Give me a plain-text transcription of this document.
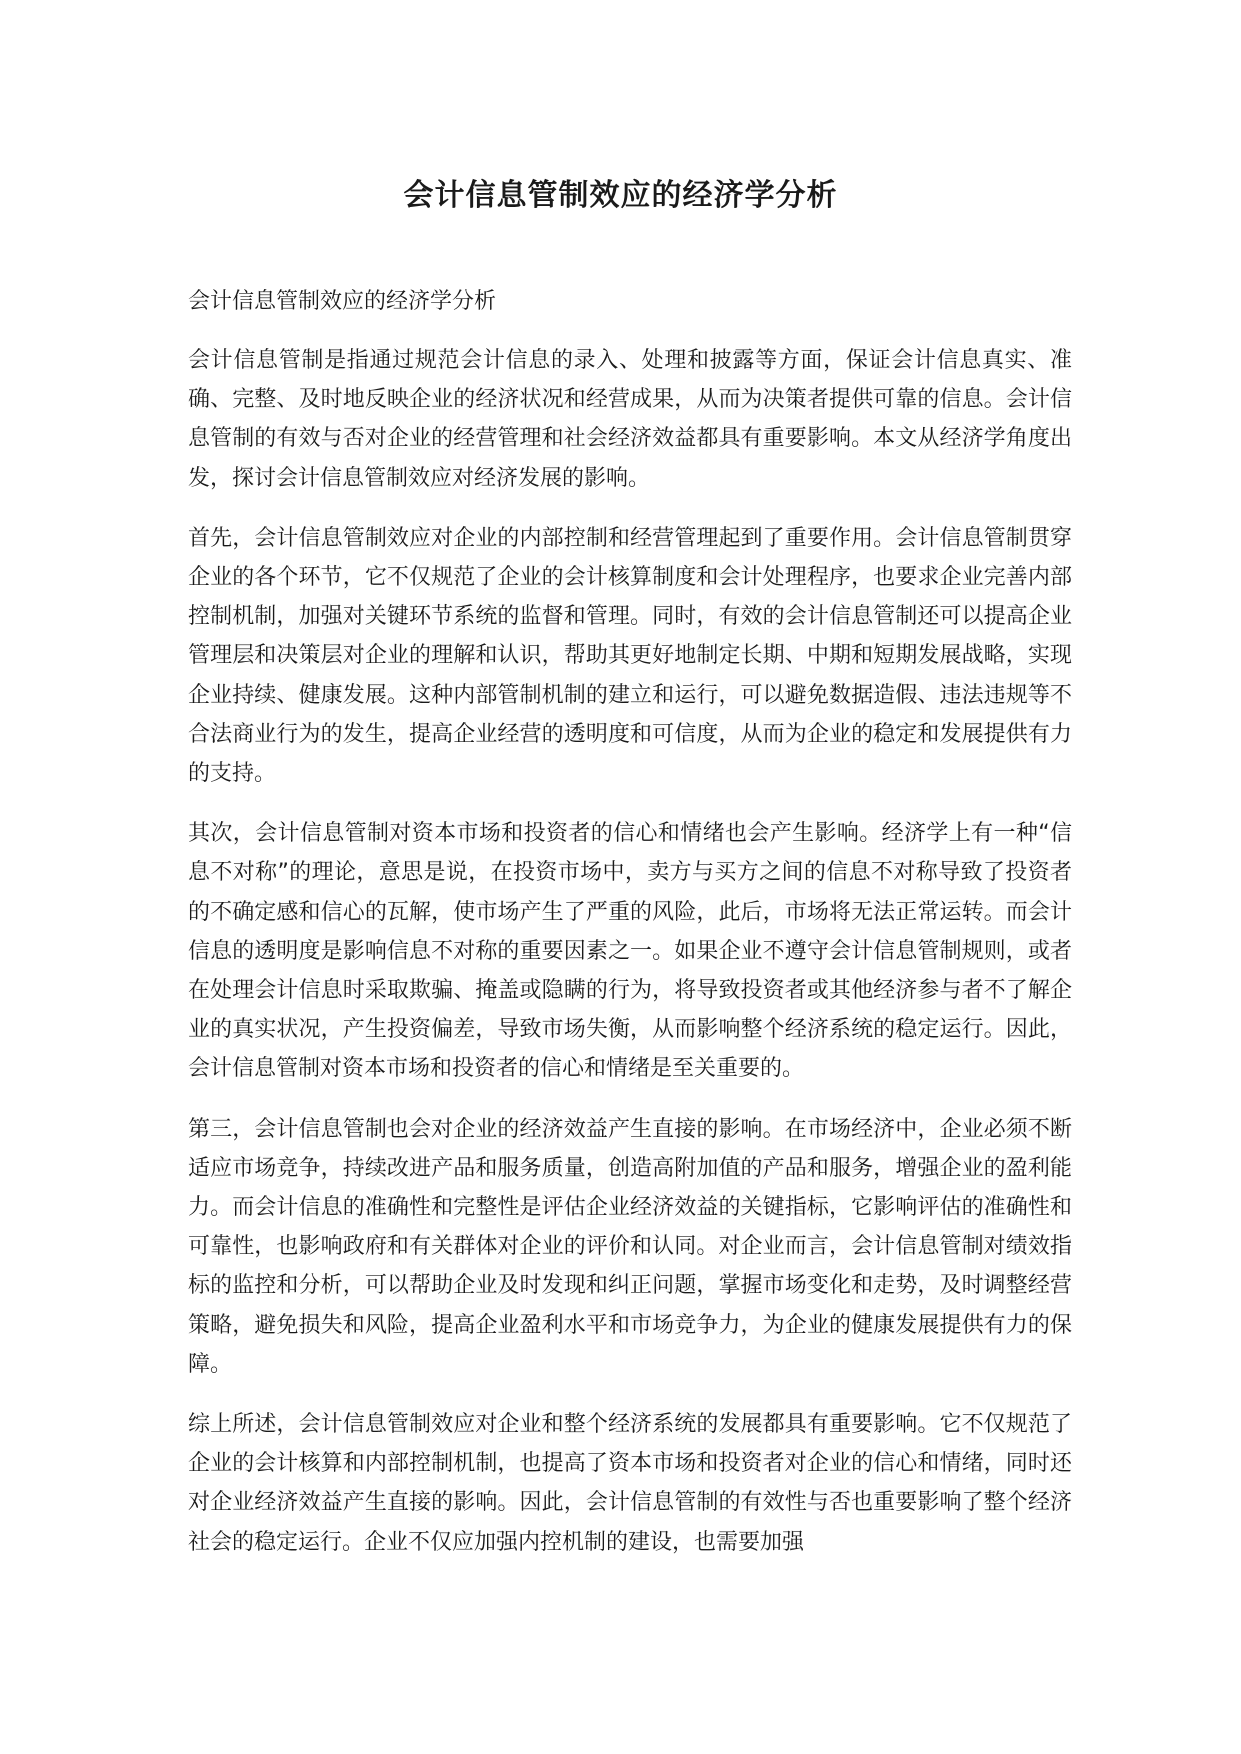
会计信息管制效应的经济学分析

会计信息管制效应的经济学分析

会计信息管制是指通过规范会计信息的录入、处理和披露等方面，保证会计信息真实、准确、完整、及时地反映企业的经济状况和经营成果，从而为决策者提供可靠的信息。会计信息管制的有效与否对企业的经营管理和社会经济效益都具有重要影响。本文从经济学角度出发，探讨会计信息管制效应对经济发展的影响。

首先，会计信息管制效应对企业的内部控制和经营管理起到了重要作用。会计信息管制贯穿企业的各个环节，它不仅规范了企业的会计核算制度和会计处理程序，也要求企业完善内部控制机制，加强对关键环节系统的监督和管理。同时，有效的会计信息管制还可以提高企业管理层和决策层对企业的理解和认识，帮助其更好地制定长期、中期和短期发展战略，实现企业持续、健康发展。这种内部管制机制的建立和运行，可以避免数据造假、违法违规等不合法商业行为的发生，提高企业经营的透明度和可信度，从而为企业的稳定和发展提供有力的支持。

其次，会计信息管制对资本市场和投资者的信心和情绪也会产生影响。经济学上有一种“信息不对称”的理论，意思是说，在投资市场中，卖方与买方之间的信息不对称导致了投资者的不确定感和信心的瓦解，使市场产生了严重的风险，此后，市场将无法正常运转。而会计信息的透明度是影响信息不对称的重要因素之一。如果企业不遵守会计信息管制规则，或者在处理会计信息时采取欺骗、掩盖或隐瞒的行为，将导致投资者或其他经济参与者不了解企业的真实状况，产生投资偏差，导致市场失衡，从而影响整个经济系统的稳定运行。因此，会计信息管制对资本市场和投资者的信心和情绪是至关重要的。

第三，会计信息管制也会对企业的经济效益产生直接的影响。在市场经济中，企业必须不断适应市场竞争，持续改进产品和服务质量，创造高附加值的产品和服务，增强企业的盈利能力。而会计信息的准确性和完整性是评估企业经济效益的关键指标，它影响评估的准确性和可靠性，也影响政府和有关群体对企业的评价和认同。对企业而言，会计信息管制对绩效指标的监控和分析，可以帮助企业及时发现和纠正问题，掌握市场变化和走势，及时调整经营策略，避免损失和风险，提高企业盈利水平和市场竞争力，为企业的健康发展提供有力的保障。

综上所述，会计信息管制效应对企业和整个经济系统的发展都具有重要影响。它不仅规范了企业的会计核算和内部控制机制，也提高了资本市场和投资者对企业的信心和情绪，同时还对企业经济效益产生直接的影响。因此，会计信息管制的有效性与否也重要影响了整个经济社会的稳定运行。企业不仅应加强内控机制的建设，也需要加强
